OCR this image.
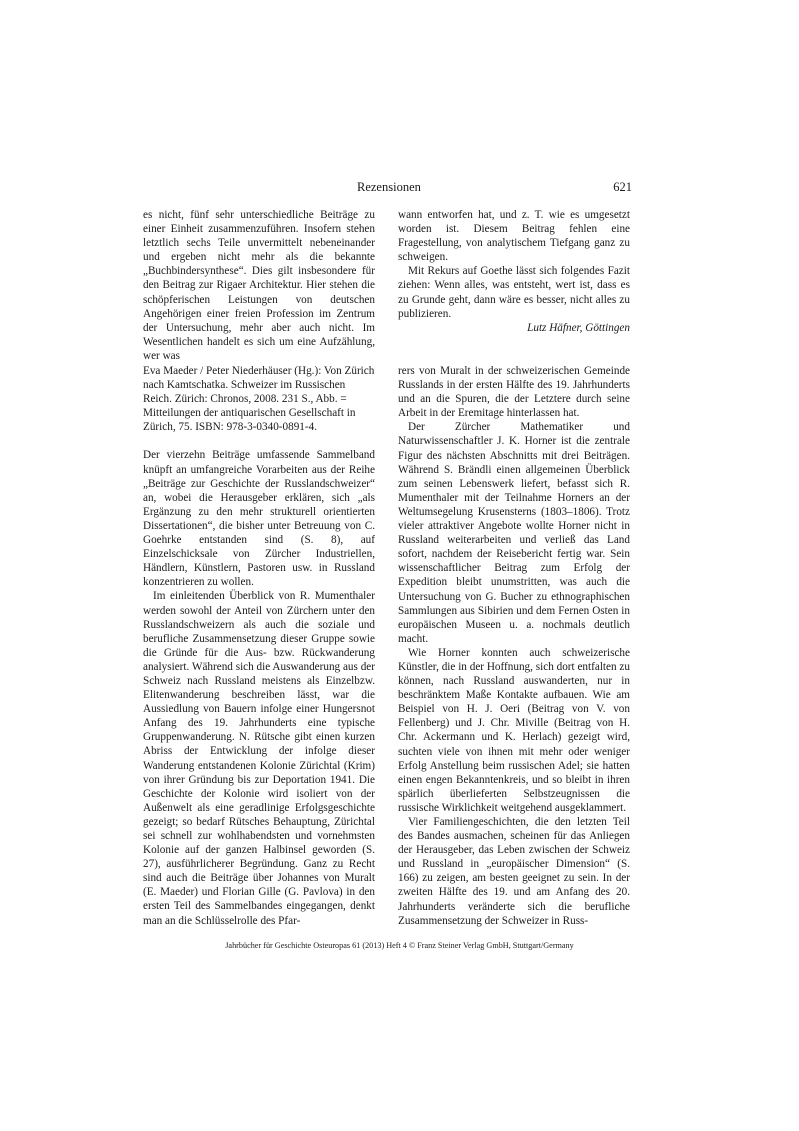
Rezensionen	621

es nicht, fünf sehr unterschiedliche Beiträge zu einer Einheit zusammenzuführen. Insofern stehen letztlich sechs Teile unvermittelt nebeneinander und ergeben nicht mehr als die bekannte „Buchbindersynthese“. Dies gilt insbesondere für den Beitrag zur Rigaer Architektur. Hier stehen die schöpferischen Leistungen von deutschen Angehörigen einer freien Profession im Zentrum der Untersuchung, mehr aber auch nicht. Im Wesentlichen handelt es sich um eine Aufzählung, wer was

wann entworfen hat, und z. T. wie es umgesetzt worden ist. Diesem Beitrag fehlen eine Fragestellung, von analytischem Tiefgang ganz zu schweigen.

Mit Rekurs auf Goethe lässt sich folgendes Fazit ziehen: Wenn alles, was entsteht, wert ist, dass es zu Grunde geht, dann wäre es besser, nicht alles zu publizieren.

Lutz Häfner, Göttingen

Eva Maeder / Peter Niederhäuser (Hg.): Von Zürich nach Kamtschatka. Schweizer im Russischen Reich. Zürich: Chronos, 2008. 231 S., Abb. = Mitteilungen der antiquarischen Gesellschaft in Zürich, 75. ISBN: 978-3-0340-0891-4.

Der vierzehn Beiträge umfassende Sammelband knüpft an umfangreiche Vorarbeiten aus der Reihe „Beiträge zur Geschichte der Russlandschweizer“ an, wobei die Herausgeber erklären, sich „als Ergänzung zu den mehr strukturell orientierten Dissertationen“, die bisher unter Betreuung von C. Goehrke entstanden sind (S. 8), auf Einzelschicksale von Zürcher Industriellen, Händlern, Künstlern, Pastoren usw. in Russland konzentrieren zu wollen.

Im einleitenden Überblick von R. Mumenthaler werden sowohl der Anteil von Zürchern unter den Russlandschweizern als auch die soziale und berufliche Zusammensetzung dieser Gruppe sowie die Gründe für die Aus- bzw. Rückwanderung analysiert. Während sich die Auswanderung aus der Schweiz nach Russland meistens als Einzelbzw. Elitenwanderung beschreiben lässt, war die Aussiedlung von Bauern infolge einer Hungersnot Anfang des 19. Jahrhunderts eine typische Gruppenwanderung. N. Rütsche gibt einen kurzen Abriss der Entwicklung der infolge dieser Wanderung entstandenen Kolonie Zürichtal (Krim) von ihrer Gründung bis zur Deportation 1941. Die Geschichte der Kolonie wird isoliert von der Außenwelt als eine geradlinige Erfolgsgeschichte gezeigt; so bedarf Rütsches Behauptung, Zürichtal sei schnell zur wohlhabendsten und vornehmsten Kolonie auf der ganzen Halbinsel geworden (S. 27), ausführlicherer Begründung. Ganz zu Recht sind auch die Beiträge über Johannes von Muralt (E. Maeder) und Florian Gille (G. Pavlova) in den ersten Teil des Sammelbandes eingegangen, denkt man an die Schlüsselrolle des Pfar-

rers von Muralt in der schweizerischen Gemeinde Russlands in der ersten Hälfte des 19. Jahrhunderts und an die Spuren, die der Letztere durch seine Arbeit in der Eremitage hinterlassen hat.

Der Zürcher Mathematiker und Naturwissenschaftler J. K. Horner ist die zentrale Figur des nächsten Abschnitts mit drei Beiträgen. Während S. Brändli einen allgemeinen Überblick zum seinen Lebenswerk liefert, befasst sich R. Mumenthaler mit der Teilnahme Horners an der Weltumsegelung Krusensterns (1803–1806). Trotz vieler attraktiver Angebote wollte Horner nicht in Russland weiterarbeiten und verließ das Land sofort, nachdem der Reisebericht fertig war. Sein wissenschaftlicher Beitrag zum Erfolg der Expedition bleibt unumstritten, was auch die Untersuchung von G. Bucher zu ethnographischen Sammlungen aus Sibirien und dem Fernen Osten in europäischen Museen u. a. nochmals deutlich macht.

Wie Horner konnten auch schweizerische Künstler, die in der Hoffnung, sich dort entfalten zu können, nach Russland auswanderten, nur in beschränktem Maße Kontakte aufbauen. Wie am Beispiel von H. J. Oeri (Beitrag von V. von Fellenberg) und J. Chr. Miville (Beitrag von H. Chr. Ackermann und K. Herlach) gezeigt wird, suchten viele von ihnen mit mehr oder weniger Erfolg Anstellung beim russischen Adel; sie hatten einen engen Bekanntenkreis, und so bleibt in ihren spärlich überlieferten Selbstzeugnissen die russische Wirklichkeit weitgehend ausgeklammert.

Vier Familiengeschichten, die den letzten Teil des Bandes ausmachen, scheinen für das Anliegen der Herausgeber, das Leben zwischen der Schweiz und Russland in „europäischer Dimension“ (S. 166) zu zeigen, am besten geeignet zu sein. In der zweiten Hälfte des 19. und am Anfang des 20. Jahrhunderts veränderte sich die berufliche Zusammensetzung der Schweizer in Russ-

Jahrbücher für Geschichte Osteuropas 61 (2013) Heft 4 © Franz Steiner Verlag GmbH, Stuttgart/Germany
